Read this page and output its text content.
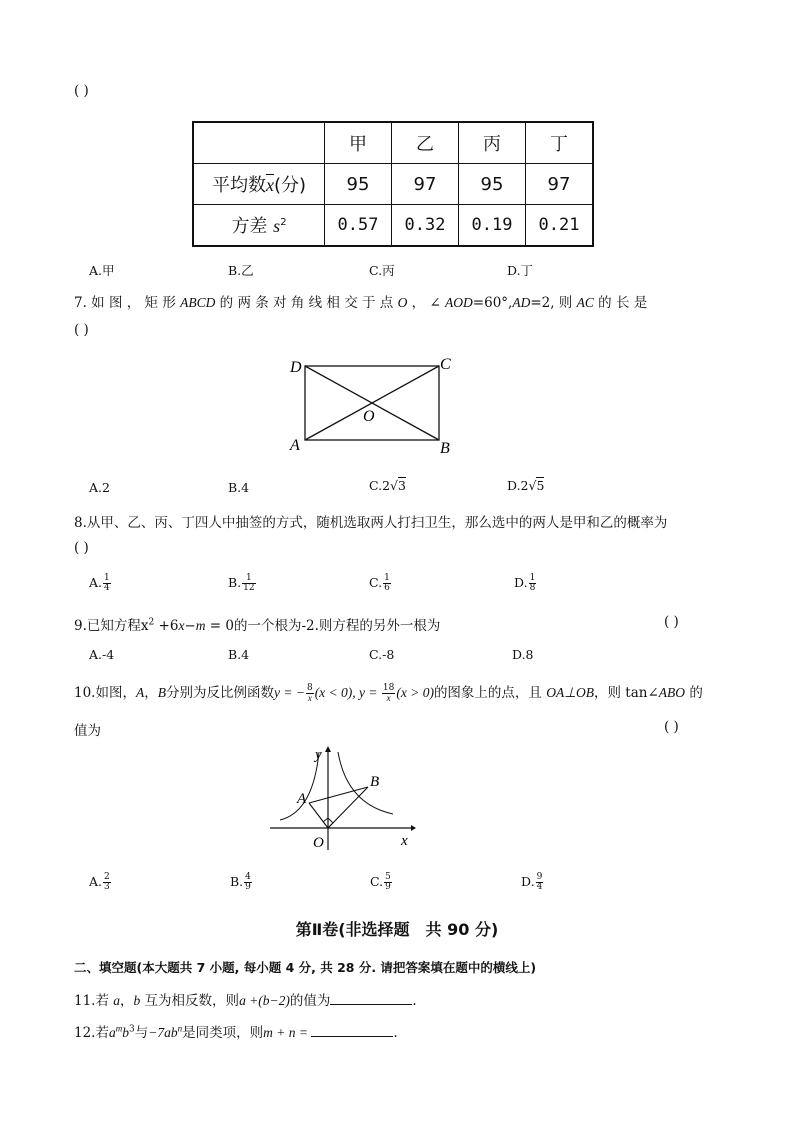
( )
	甲	乙	丙	丁
平均数$\overline{x}$(分)	95	97	95	97
方差 $s^2$	0.57	0.32	0.19	0.21
A.甲	B.乙	C.丙	D.丁
7. 如 图 ， 矩 形 ABCD 的 两 条 对 角 线 相 交 于 点 O ， ∠ AOD=60°,AD=2, 则 AC 的 长 是
( )
D	C
A	B
O
A.2	B.4	C.2√3	D.2√5
8.从甲、乙、丙、丁四人中抽签的方式，随机选取两人打扫卫生，那么选中的两人是甲和乙的概率为
( )
A. $\frac{1}{4}$	B. $\frac{1}{12}$	C. $\frac{1}{6}$	D. $\frac{1}{8}$
9.已知方程$x^2 +6x-m = 0$的一个根为-2.则方程的另外一根为	( )
A.-4	B.4	C.-8	D.8
10.如图，A，B分别为反比例函数y = − $\frac{8}{x} (x < 0)$, $y = \frac{18}{x} (x > 0)$的图象上的点，且 OA⊥OB，则 tan∠ABO 的
值为	( )
y
x
A
B
O
A. $\frac{2}{3}$	B. $\frac{4}{9}$	C. $\frac{5}{9}$	D. $\frac{9}{4}$
第Ⅱ卷(非选择题　共 90 分)
二、填空题(本大题共 7 小题, 每小题 4 分, 共 28 分. 请把答案填在题中的横线上)
11.若 a，b 互为相反数，则a +(b−2)的值为	.
12.若$a^mb^3$与$-7ab^n$是同类项，则m + n =	.
